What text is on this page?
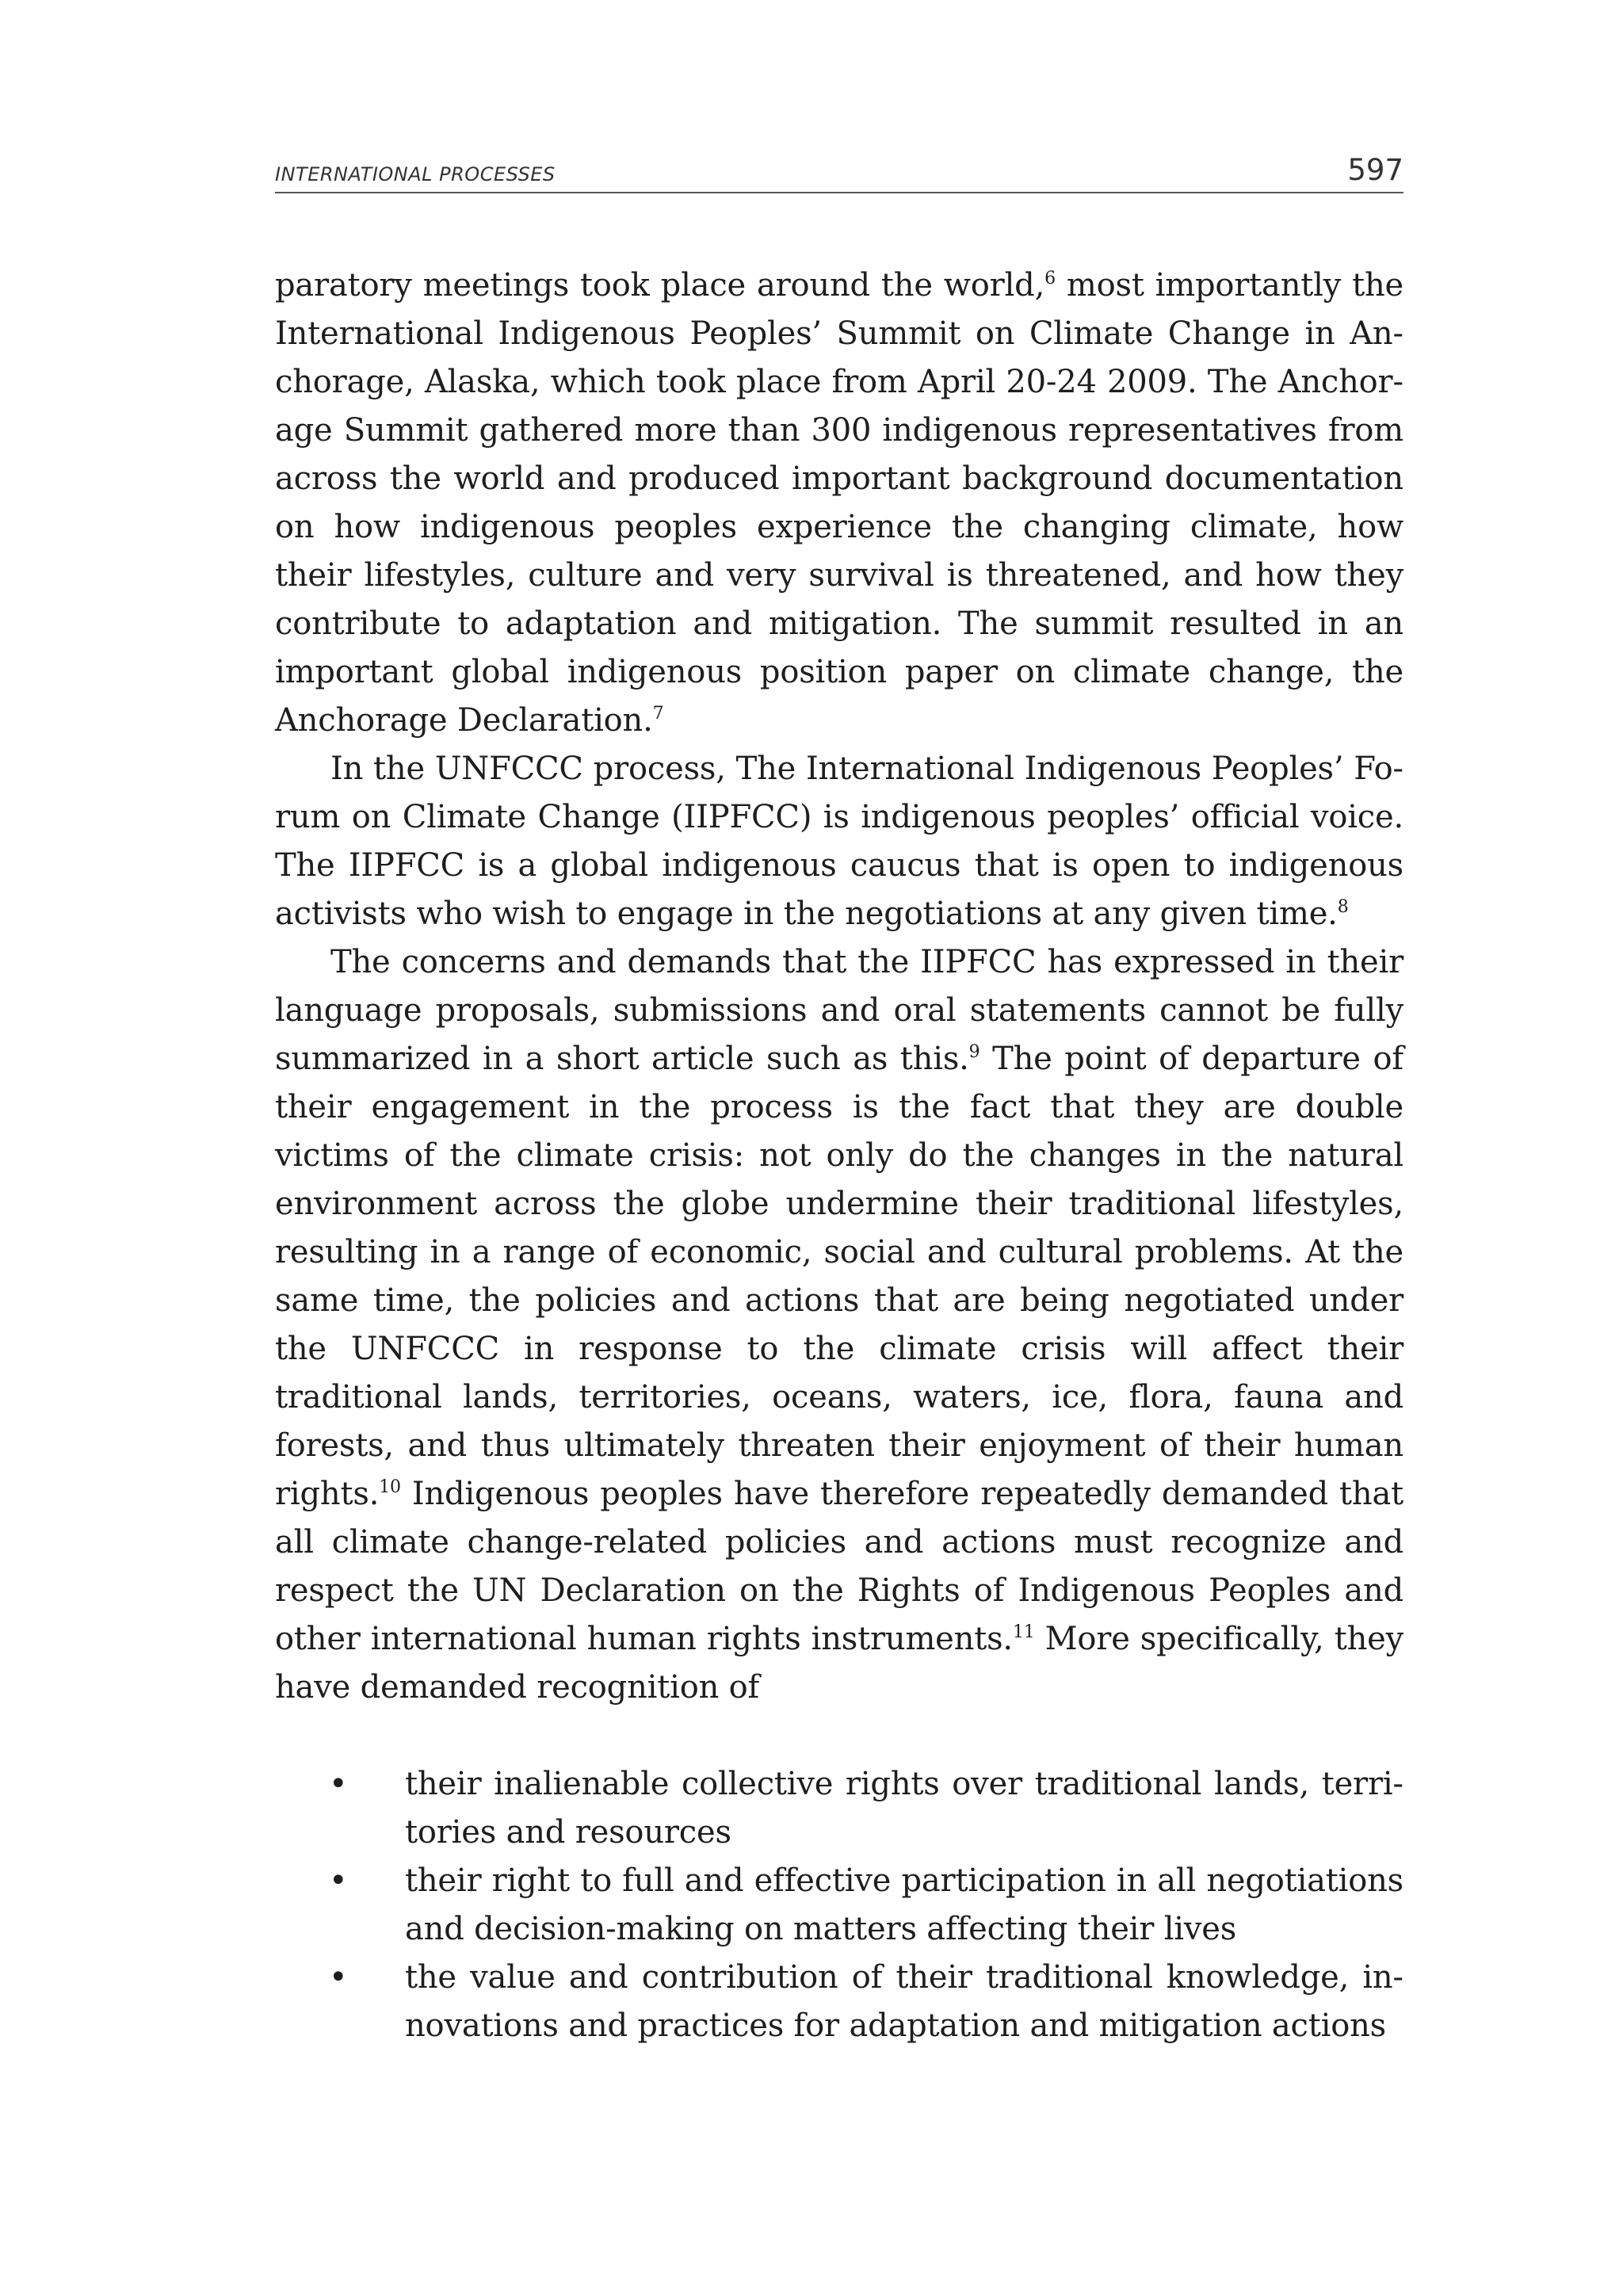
INTERNATIONAL PROCESSES	597

paratory meetings took place around the world,$^6$ most importantly the International Indigenous Peoples’ Summit on Climate Change in Anchorage, Alaska, which took place from April 20-24 2009. The Anchorage Summit gathered more than 300 indigenous representatives from across the world and produced important background documentation on how indigenous peoples experience the changing climate, how their lifestyles, culture and very survival is threatened, and how they contribute to adaptation and mitigation. The summit resulted in an important global indigenous position paper on climate change, the Anchorage Declaration.$^7$

In the UNFCCC process, The International Indigenous Peoples’ Forum on Climate Change (IIPFCC) is indigenous peoples’ official voice. The IIPFCC is a global indigenous caucus that is open to indigenous activists who wish to engage in the negotiations at any given time.$^8$

The concerns and demands that the IIPFCC has expressed in their language proposals, submissions and oral statements cannot be fully summarized in a short article such as this.$^9$ The point of departure of their engagement in the process is the fact that they are double victims of the climate crisis: not only do the changes in the natural environment across the globe undermine their traditional lifestyles, resulting in a range of economic, social and cultural problems. At the same time, the policies and actions that are being negotiated under the UNFCCC in response to the climate crisis will affect their traditional lands, territories, oceans, waters, ice, flora, fauna and forests, and thus ultimately threaten their enjoyment of their human rights.$^{10}$ Indigenous peoples have therefore repeatedly demanded that all climate change-related policies and actions must recognize and respect the UN Declaration on the Rights of Indigenous Peoples and other international human rights instruments.$^{11}$ More specifically, they have demanded recognition of

• their inalienable collective rights over traditional lands, territories and resources
• their right to full and effective participation in all negotiations and decision-making on matters affecting their lives
• the value and contribution of their traditional knowledge, innovations and practices for adaptation and mitigation actions
